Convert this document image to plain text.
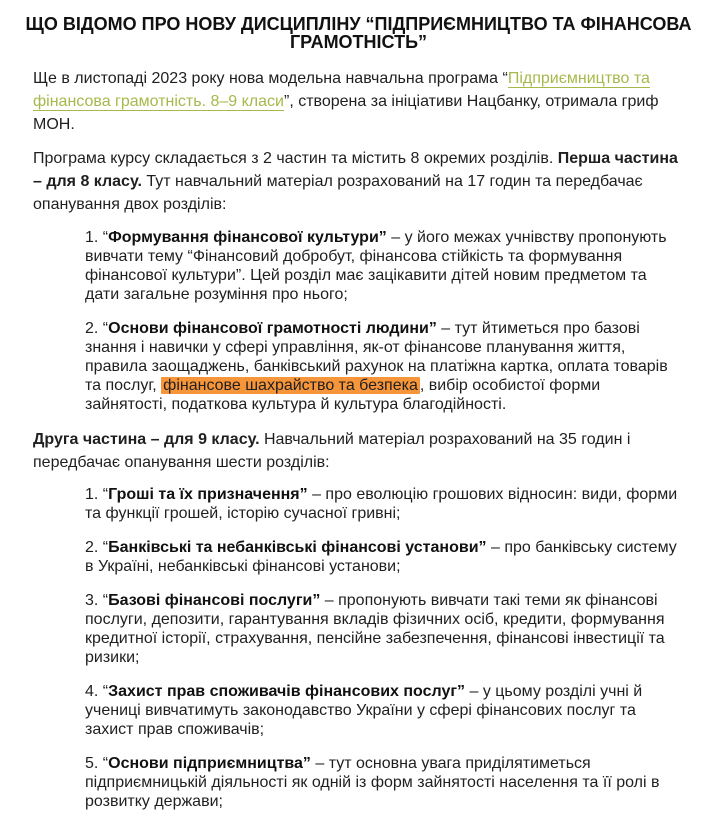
ЩО ВІДОМО ПРО НОВУ ДИСЦИПЛІНУ “ПІДПРИЄМНИЦТВО ТА ФІНАНСОВА ГРАМОТНІСТЬ”

Ще в листопаді 2023 року нова модельна навчальна програма “Підприємництво та фінансова грамотність. 8–9 класи”, створена за ініціативи Нацбанку, отримала гриф МОН.

Програма курсу складається з 2 частин та містить 8 окремих розділів. Перша частина – для 8 класу. Тут навчальний матеріал розрахований на 17 годин та передбачає опанування двох розділів:

1. “Формування фінансової культури” – у його межах учнівству пропонують вивчати тему “Фінансовий добробут, фінансова стійкість та формування фінансової культури”. Цей розділ має зацікавити дітей новим предметом та дати загальне розуміння про нього;
2. “Основи фінансової грамотності людини” – тут йтиметься про базові знання і навички у сфері управління, як-от фінансове планування життя, правила заощаджень, банківський рахунок на платіжна картка, оплата товарів та послуг, фінансове шахрайство та безпека , вибір особистої форми зайнятості, податкова культура й культура благодійності.

Друга частина – для 9 класу. Навчальний матеріал розрахований на 35 годин і передбачає опанування шести розділів:

1. “Гроші та їх призначення” – про еволюцію грошових відносин: види, форми та функції грошей, історію сучасної гривні;
2. “Банківські та небанківські фінансові установи” – про банківську систему в Україні, небанківські фінансові установи;
3. “Базові фінансові послуги” – пропонують вивчати такі теми як фінансові послуги, депозити, гарантування вкладів фізичних осіб, кредити, формування кредитної історії, страхування, пенсійне забезпечення, фінансові інвестиції та ризики;
4. “Захист прав споживачів фінансових послуг” – у цьому розділі учні й учениці вивчатимуть законодавство України у сфері фінансових послуг та захист прав споживачів;
5. “Основи підприємництва” – тут основна увага приділятиметься підприємницькій діяльності як одній із форм зайнятості населення та її ролі в розвитку держави;
